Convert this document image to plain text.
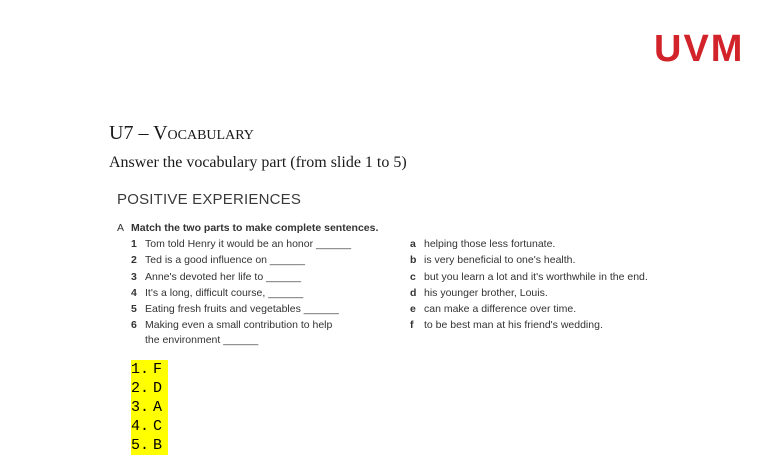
UVM
U7 – VOCABULARY
Answer the vocabulary part (from slide 1 to 5)
POSITIVE EXPERIENCES
A Match the two parts to make complete sentences.
1 Tom told Henry it would be an honor ______
2 Ted is a good influence on ______
3 Anne's devoted her life to ______
4 It's a long, difficult course, ______
5 Eating fresh fruits and vegetables ______
6 Making even a small contribution to help
the environment ______
a helping those less fortunate.
b is very beneficial to one's health.
c but you learn a lot and it's worthwhile in the end.
d his younger brother, Louis.
e can make a difference over time.
f	to be best man at his friend's wedding.
1. F
2. D
3. A
4. C
5. B
